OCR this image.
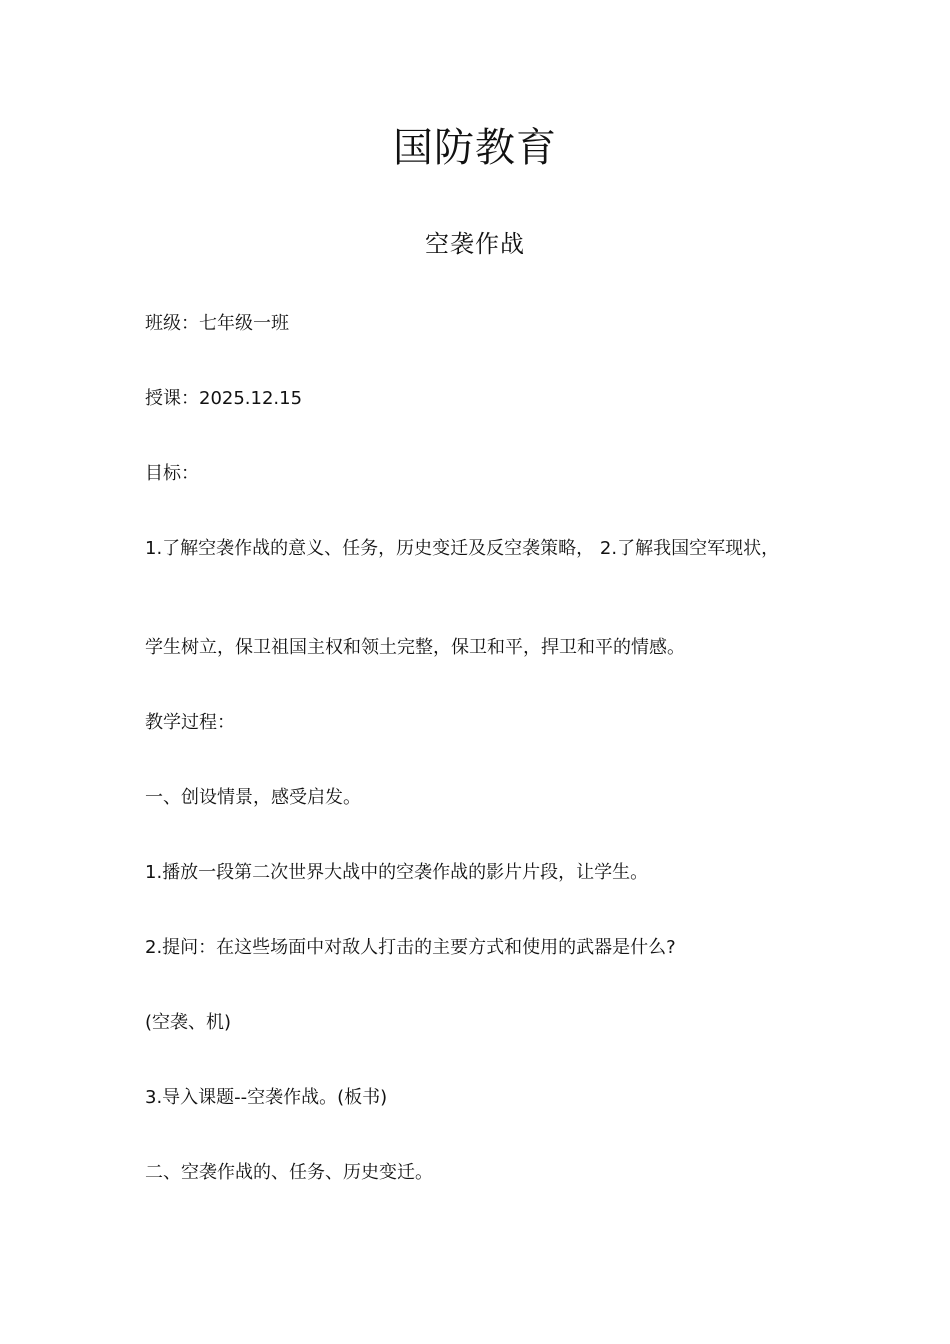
国防教育
空袭作战
班级：七年级一班
授课：2025.12.15
目标：
1.了解空袭作战的意义、任务，历史变迁及反空袭策略， 2.了解我国空军现状，
学生树立，保卫祖国主权和领土完整，保卫和平，捍卫和平的情感。
教学过程：
一、创设情景，感受启发。
1.播放一段第二次世界大战中的空袭作战的影片片段，让学生。
2.提问：在这些场面中对敌人打击的主要方式和使用的武器是什么?
(空袭、机)
3.导入课题--空袭作战。(板书)
二、空袭作战的、任务、历史变迁。
